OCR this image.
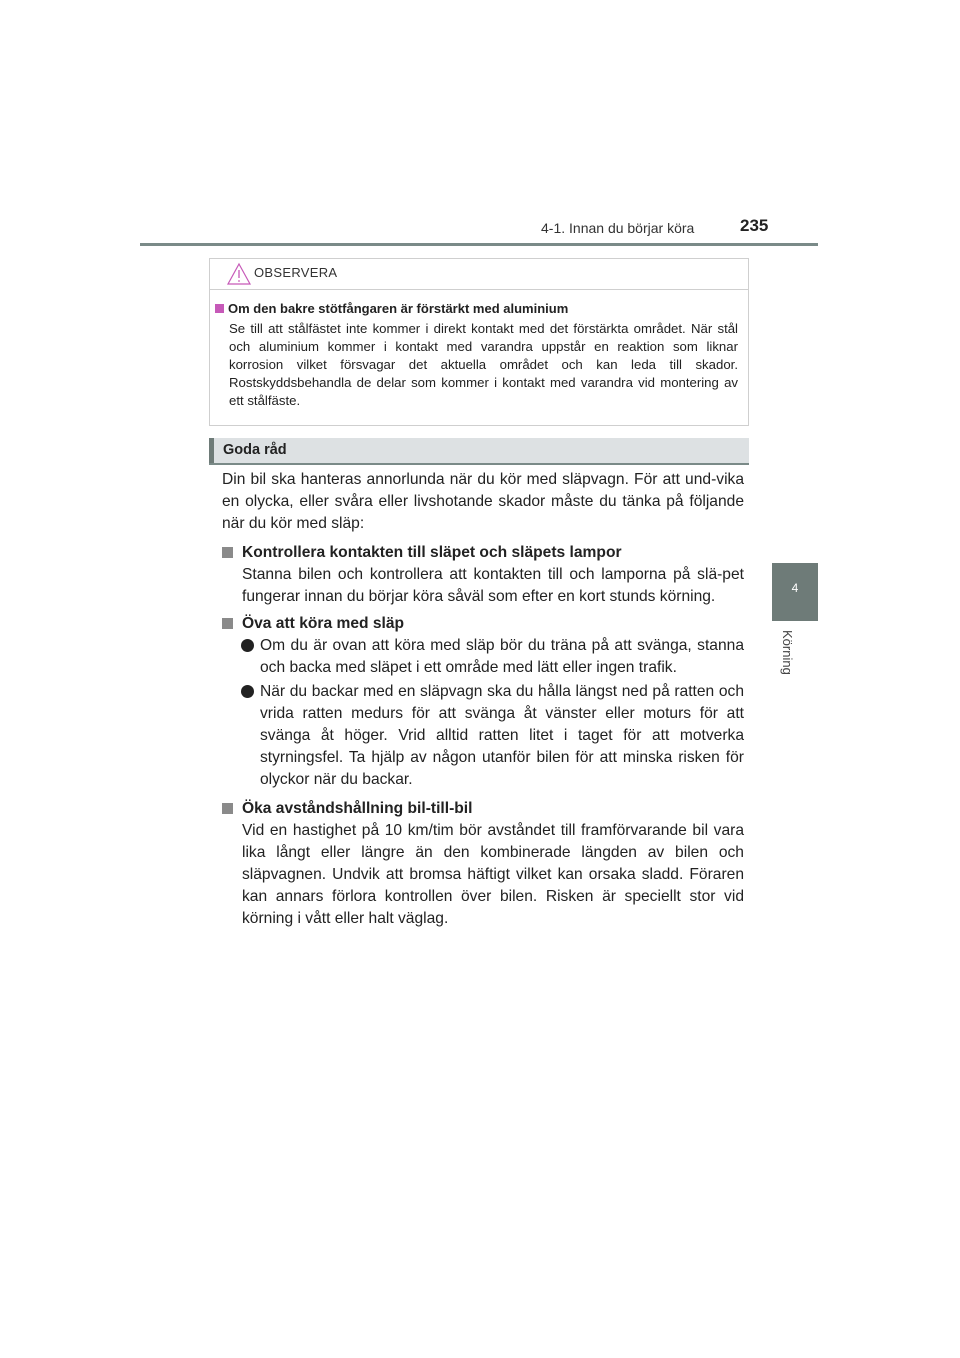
4-1. Innan du börjar köra	235
4
Körning
OBSERVERA
Om den bakre stötfångaren är förstärkt med aluminium

Se till att stålfästet inte kommer i direkt kontakt med det förstärkta området. När stål och aluminium kommer i kontakt med varandra uppstår en reaktion som liknar korrosion vilket försvagar det aktuella området och kan leda till skador. Rostskyddsbehandla de delar som kommer i kontakt med varandra vid montering av ett stålfäste.

Goda råd

Din bil ska hanteras annorlunda när du kör med släpvagn. För att und-vika en olycka, eller svåra eller livshotande skador måste du tänka på följande när du kör med släp:

Kontrollera kontakten till släpet och släpets lampor

Stanna bilen och kontrollera att kontakten till och lamporna på slä-pet fungerar innan du börjar köra såväl som efter en kort stunds körning.

Öva att köra med släp

Om du är ovan att köra med släp bör du träna på att svänga, stanna och backa med släpet i ett område med lätt eller ingen trafik.

När du backar med en släpvagn ska du hålla längst ned på ratten och vrida ratten medurs för att svänga åt vänster eller moturs för att svänga åt höger. Vrid alltid ratten litet i taget för att motverka styrningsfel. Ta hjälp av någon utanför bilen för att minska risken för olyckor när du backar.

Öka avståndshållning bil-till-bil

Vid en hastighet på 10 km/tim bör avståndet till framförvarande bil vara lika långt eller längre än den kombinerade längden av bilen och släpvagnen. Undvik att bromsa häftigt vilket kan orsaka sladd. Föraren kan annars förlora kontrollen över bilen. Risken är speciellt stor vid körning i vått eller halt väglag.
